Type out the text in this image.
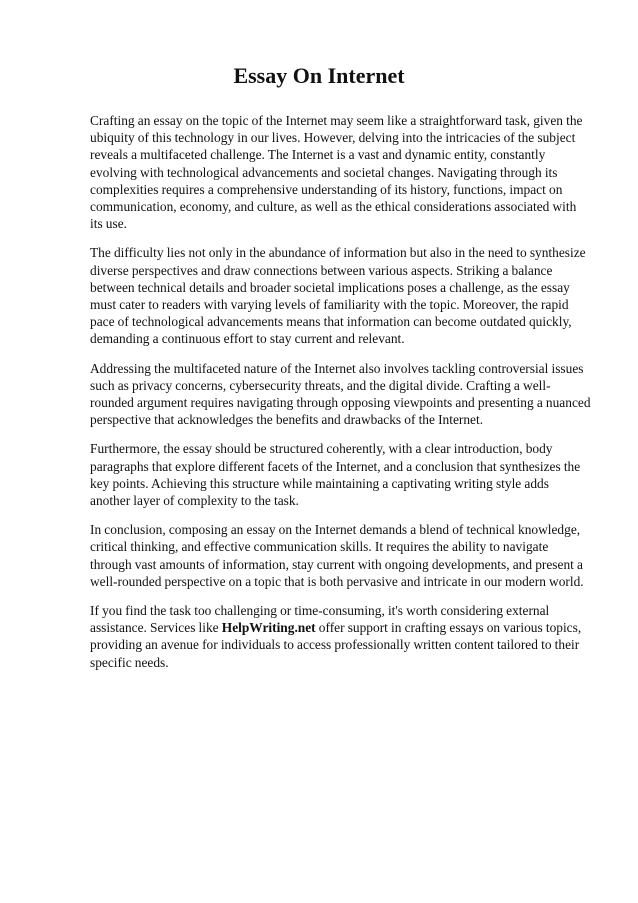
Essay On Internet

Crafting an essay on the topic of the Internet may seem like a straightforward task, given the ubiquity of this technology in our lives. However, delving into the intricacies of the subject reveals a multifaceted challenge. The Internet is a vast and dynamic entity, constantly evolving with technological advancements and societal changes. Navigating through its complexities requires a comprehensive understanding of its history, functions, impact on communication, economy, and culture, as well as the ethical considerations associated with its use.

The difficulty lies not only in the abundance of information but also in the need to synthesize diverse perspectives and draw connections between various aspects. Striking a balance between technical details and broader societal implications poses a challenge, as the essay must cater to readers with varying levels of familiarity with the topic. Moreover, the rapid pace of technological advancements means that information can become outdated quickly, demanding a continuous effort to stay current and relevant.

Addressing the multifaceted nature of the Internet also involves tackling controversial issues such as privacy concerns, cybersecurity threats, and the digital divide. Crafting a well-rounded argument requires navigating through opposing viewpoints and presenting a nuanced perspective that acknowledges the benefits and drawbacks of the Internet.

Furthermore, the essay should be structured coherently, with a clear introduction, body paragraphs that explore different facets of the Internet, and a conclusion that synthesizes the key points. Achieving this structure while maintaining a captivating writing style adds another layer of complexity to the task.

In conclusion, composing an essay on the Internet demands a blend of technical knowledge, critical thinking, and effective communication skills. It requires the ability to navigate through vast amounts of information, stay current with ongoing developments, and present a well-rounded perspective on a topic that is both pervasive and intricate in our modern world.

If you find the task too challenging or time-consuming, it's worth considering external assistance. Services like HelpWriting.net offer support in crafting essays on various topics, providing an avenue for individuals to access professionally written content tailored to their specific needs.
